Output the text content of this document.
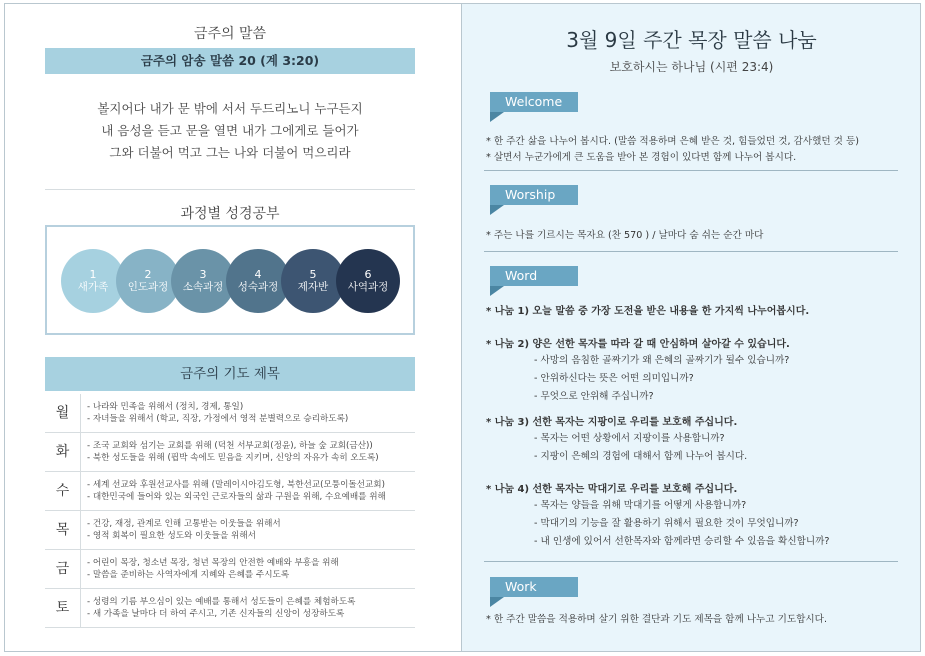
금주의 말씀
금주의 암송 말씀 20 (계 3:20)
볼지어다 내가 문 밖에 서서 두드리노니 누구든지
내 음성을 듣고 문을 열면 내가 그에게로 들어가
그와 더불어 먹고 그는 나와 더불어 먹으리라
과정별 성경공부
1
새가족
2
인도과정
3
소속과정
4
성숙과정
5
제자반
6
사역과정
금주의 기도 제목
월	- 나라와 민족을 위해서 (정치, 경제, 통일)
- 자녀들을 위해서 (학교, 직장, 가정에서 영적 분별력으로 승리하도록)
화	- 조국 교회와 섬기는 교회를 위해 (덕천 서부교회(정윤), 하늘 숲 교회(금산))
- 북한 성도들을 위해 (핍박 속에도 믿음을 지키며, 신앙의 자유가 속히 오도록)
수	- 세계 선교와 후원선교사를 위해 (말레이시아김도형, 북한선교(모퉁이돌선교회)
- 대한민국에 들어와 있는 외국인 근로자들의 삶과 구원을 위해, 수요예배를 위해
목	- 건강, 재정, 관계로 인해 고통받는 이웃들을 위해서
- 영적 회복이 필요한 성도와 이웃들을 위해서
금	- 어린이 목장, 청소년 목장, 청년 목장의 안전한 예배와 부흥을 위해
- 말씀을 준비하는 사역자에게 지혜와 은혜를 주시도록
토	- 성령의 기름 부으심이 있는 예배를 통해서 성도들이 은혜를 체험하도록
- 새 가족을 날마다 더 하여 주시고, 기존 신자들의 신앙이 성장하도록
3월 9일 주간 목장 말씀 나눔
보호하시는 하나님 (시편 23:4)
Welcome
* 한 주간 삶을 나누어 봅시다. (말씀 적용하며 은혜 받은 것, 힘들었던 것, 감사했던 것 등)
* 살면서 누군가에게 큰 도움을 받아 본 경험이 있다면 함께 나누어 봅시다.
Worship
* 주는 나를 기르시는 목자요 (찬 570 ) / 날마다 숨 쉬는 순간 마다
Word
* 나눔 1) 오늘 말씀 중 가장 도전을 받은 내용을 한 가지씩 나누어봅시다.
* 나눔 2) 양은 선한 목자를 따라 갈 때 안심하며 살아갈 수 있습니다.
- 사망의 음침한 골짜기가 왜 은혜의 골짜기가 될수 있습니까?
- 안위하신다는 뜻은 어떤 의미입니까?
- 무엇으로 안위해 주십니까?
* 나눔 3) 선한 목자는 지팡이로 우리를 보호해 주십니다.
- 목자는 어떤 상황에서 지팡이를 사용합니까?
- 지팡이 은혜의 경험에 대해서 함께 나누어 봅시다.
* 나눔 4) 선한 목자는 막대기로 우리를 보호해 주십니다.
- 목자는 양들을 위해 막대기를 어떻게 사용합니까?
- 막대기의 기능을 잘 활용하기 위해서 필요한 것이 무엇입니까?
- 내 인생에 있어서 선한목자와 함께라면 승리할 수 있음을 확신합니까?
Work
* 한 주간 말씀을 적용하며 살기 위한 결단과 기도 제목을 함께 나누고 기도합시다.
